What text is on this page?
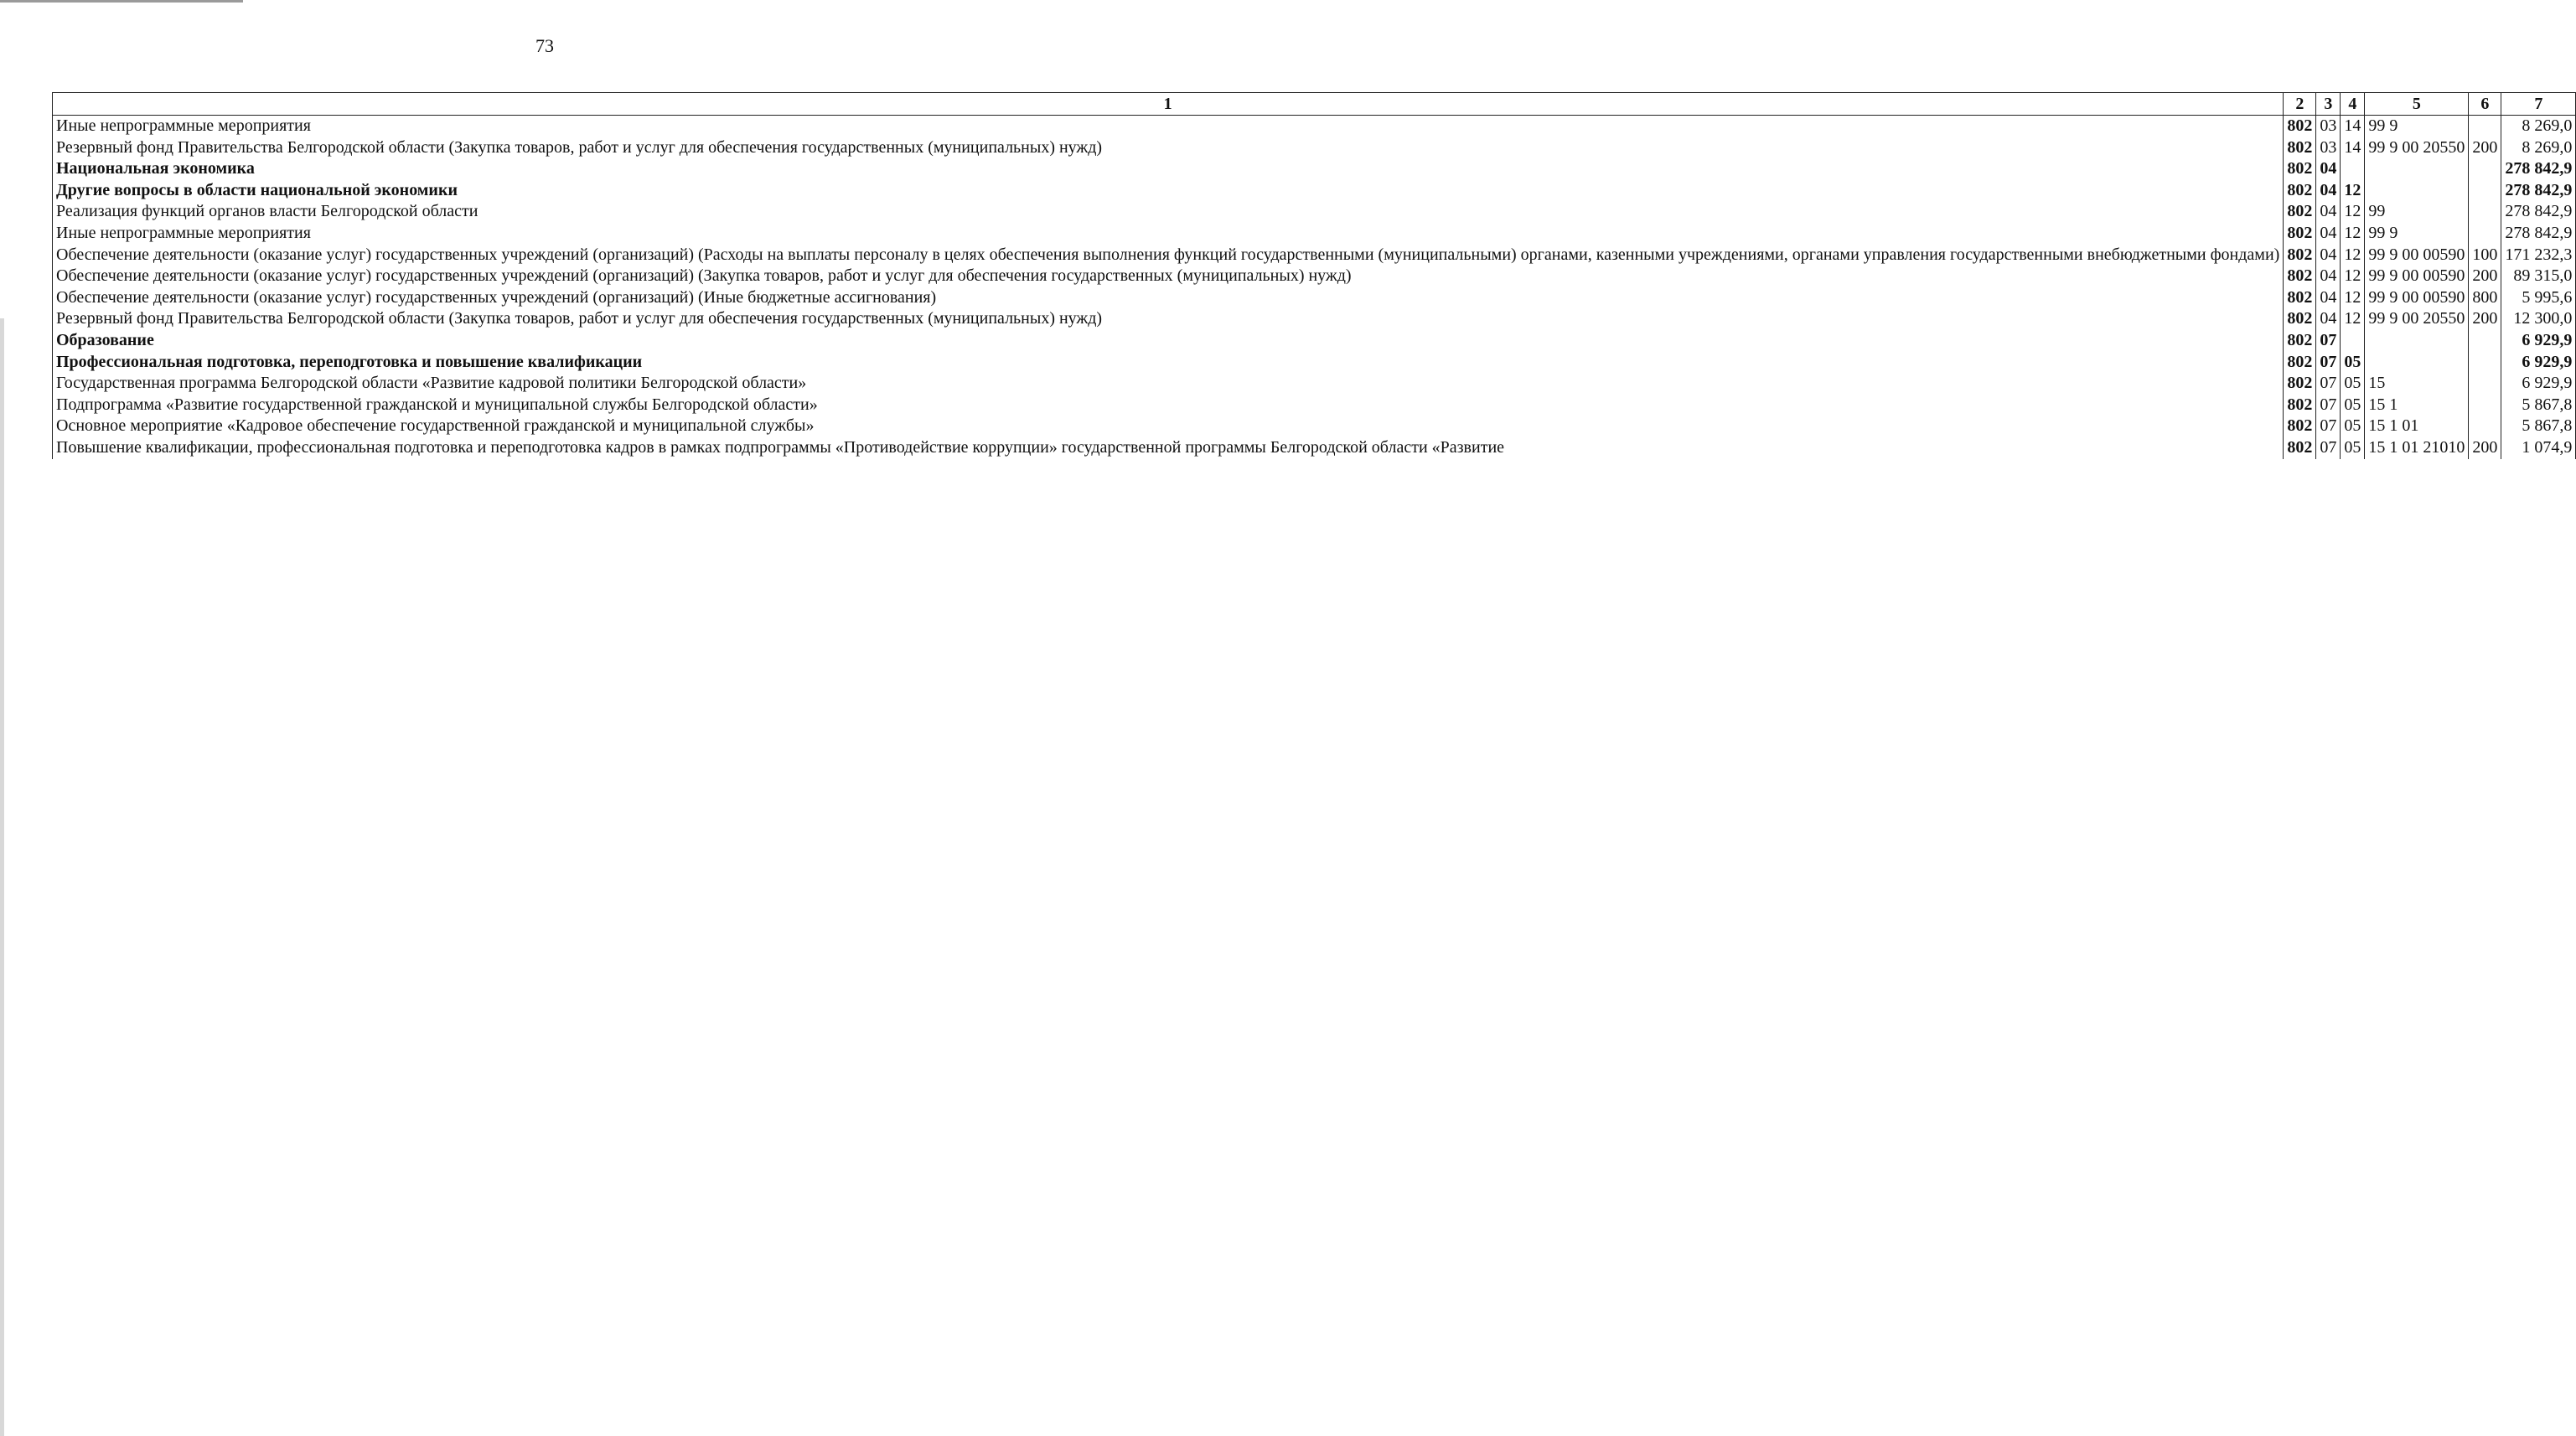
73
1	2	3	4	5	6	7

Иные непрограммные мероприятия	802	03	14	99 9		8 269,0

Резервный фонд Правительства Белгородской области (Закупка товаров, работ и услуг для обеспечения государственных (муниципальных) нужд)	802	03	14	99 9 00 20550	200	8 269,0

Национальная экономика	802	04				278 842,9

Другие вопросы в области национальной экономики	802	04	12			278 842,9

Реализация функций органов власти Белгородской области	802	04	12	99		278 842,9

Иные непрограммные мероприятия	802	04	12	99 9		278 842,9

Обеспечение деятельности (оказание услуг) государственных учреждений (организаций) (Расходы на выплаты персоналу в целях обеспечения выполнения функций государственными (муниципальными) органами, казенными учреждениями, органами управления государственными внебюджетными фондами)	802	04	12	99 9 00 00590	100	171 232,3

Обеспечение деятельности (оказание услуг) государственных учреждений (организаций) (Закупка товаров, работ и услуг для обеспечения государственных (муниципальных) нужд)	802	04	12	99 9 00 00590	200	89 315,0

Обеспечение деятельности (оказание услуг) государственных учреждений (организаций) (Иные бюджетные ассигнования)	802	04	12	99 9 00 00590	800	5 995,6

Резервный фонд Правительства Белгородской области (Закупка товаров, работ и услуг для обеспечения государственных (муниципальных) нужд)	802	04	12	99 9 00 20550	200	12 300,0

Образование	802	07				6 929,9

Профессиональная подготовка, переподготовка и повышение квалификации	802	07	05			6 929,9

Государственная программа Белгородской области «Развитие кадровой политики Белгородской области»	802	07	05	15		6 929,9

Подпрограмма «Развитие государственной гражданской и муниципальной службы Белгородской области»	802	07	05	15 1		5 867,8

Основное мероприятие «Кадровое обеспечение государственной гражданской и муниципальной службы»	802	07	05	15 1 01		5 867,8

Повышение квалификации, профессиональная подготовка и переподготовка кадров в рамках подпрограммы «Противодействие коррупции» государственной программы Белгородской области «Развитие	802	07	05	15 1 01 21010	200	1 074,9
